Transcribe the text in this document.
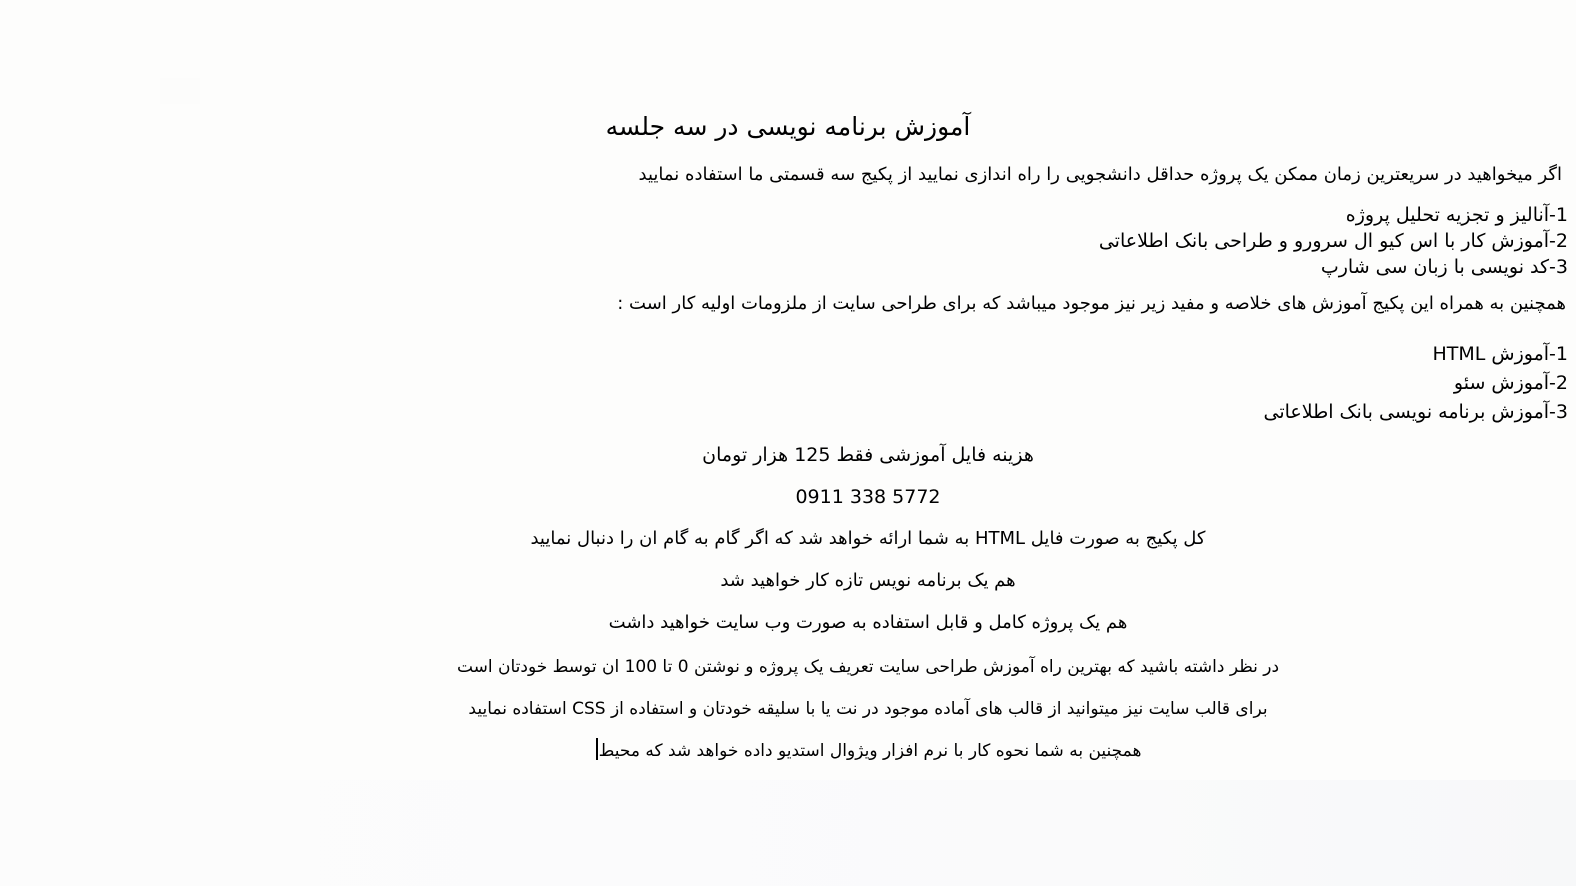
آموزش برنامه نویسی در سه جلسه
اگر میخواهید در سریعترین زمان ممکن یک پروژه حداقل دانشجویی را راه اندازی نمایید از پکیج سه قسمتی ما استفاده نمایید
1-آنالیز و تجزیه تحلیل پروژه
2-آموزش کار با اس کیو ال سرورو و طراحی بانک اطلاعاتی
3-کد نویسی با زبان سی شارپ
همچنین به همراه این پکیج آموزش های خلاصه و مفید زیر نیز موجود میباشد که برای طراحی سایت از ملزومات اولیه کار است :
1-آموزش HTML
2-آموزش سئو
3-آموزش برنامه نویسی بانک اطلاعاتی
هزینه فایل آموزشی فقط 125 هزار تومان
0911 338 5772
کل پکیج به صورت فایل HTML به شما ارائه خواهد شد که اگر گام به گام ان را دنبال نمایید
هم یک برنامه نویس تازه کار خواهید شد
هم یک پروژه کامل و قابل استفاده به صورت وب سایت خواهید داشت
در نظر داشته باشید که بهترین راه آموزش طراحی سایت تعریف یک پروژه و نوشتن 0 تا 100 ان توسط خودتان است
برای قالب سایت نیز میتوانید از قالب های آماده موجود در نت یا با سلیقه خودتان و استفاده از CSS استفاده نمایید
همچنین به شما نحوه کار با نرم افزار ویژوال استدیو داده خواهد شد که محیط
